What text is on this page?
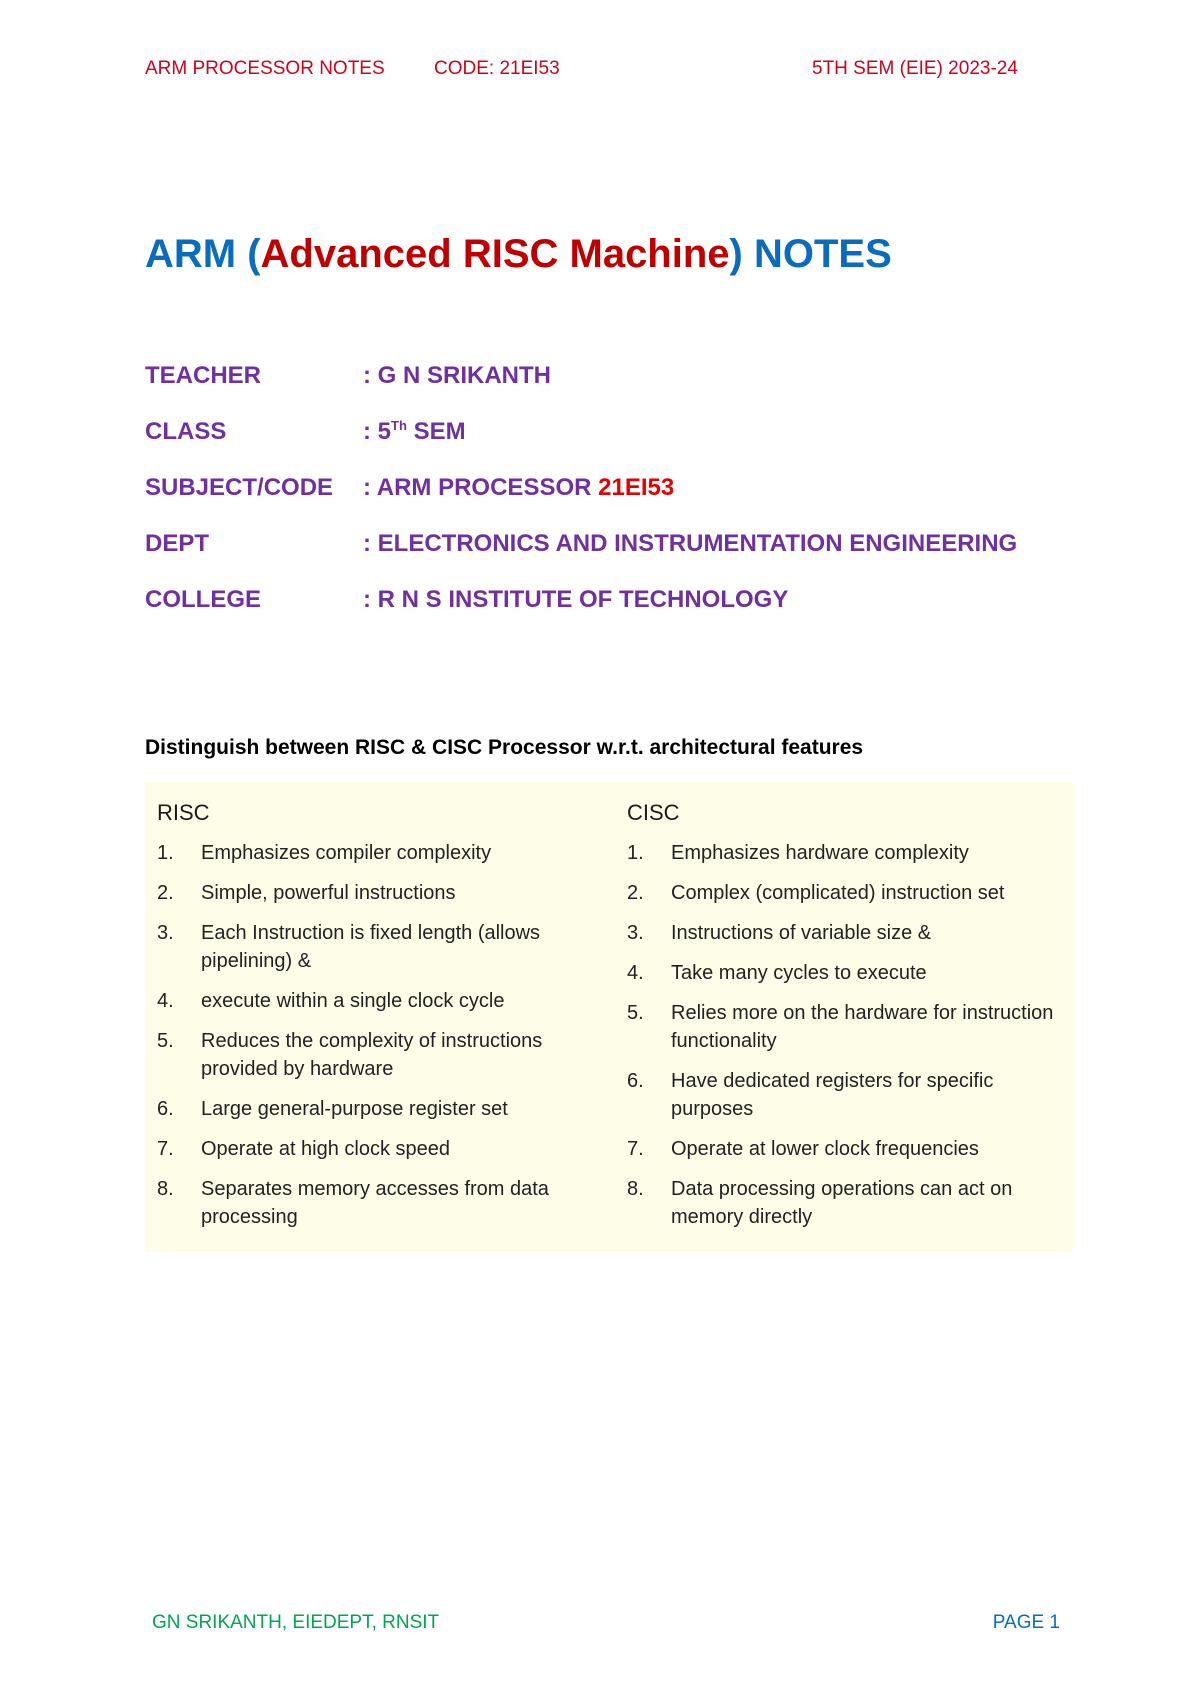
ARM PROCESSOR NOTES	CODE: 21EI53	5TH SEM (EIE) 2023-24
ARM (Advanced RISC Machine) NOTES
TEACHER	: G N SRIKANTH
CLASS	: 5Th SEM
SUBJECT/CODE : ARM PROCESSOR 21EI53
DEPT	: ELECTRONICS AND INSTRUMENTATION ENGINEERING
COLLEGE	: R N S INSTITUTE OF TECHNOLOGY
Distinguish between RISC & CISC Processor w.r.t. architectural features
RISC
1. Emphasizes compiler complexity
2. Simple, powerful instructions
3. Each Instruction is fixed length (allows pipelining) &
4. execute within a single clock cycle
5. Reduces the complexity of instructions provided by hardware
6. Large general-purpose register set
7. Operate at high clock speed
8. Separates memory accesses from data processing
CISC
1. Emphasizes hardware complexity
2. Complex (complicated) instruction set
3. Instructions of variable size &
4. Take many cycles to execute
5. Relies more on the hardware for instruction functionality
6. Have dedicated registers for specific purposes
7. Operate at lower clock frequencies
8. Data processing operations can act on memory directly
GN SRIKANTH, EIEDEPT, RNSIT	PAGE 1
